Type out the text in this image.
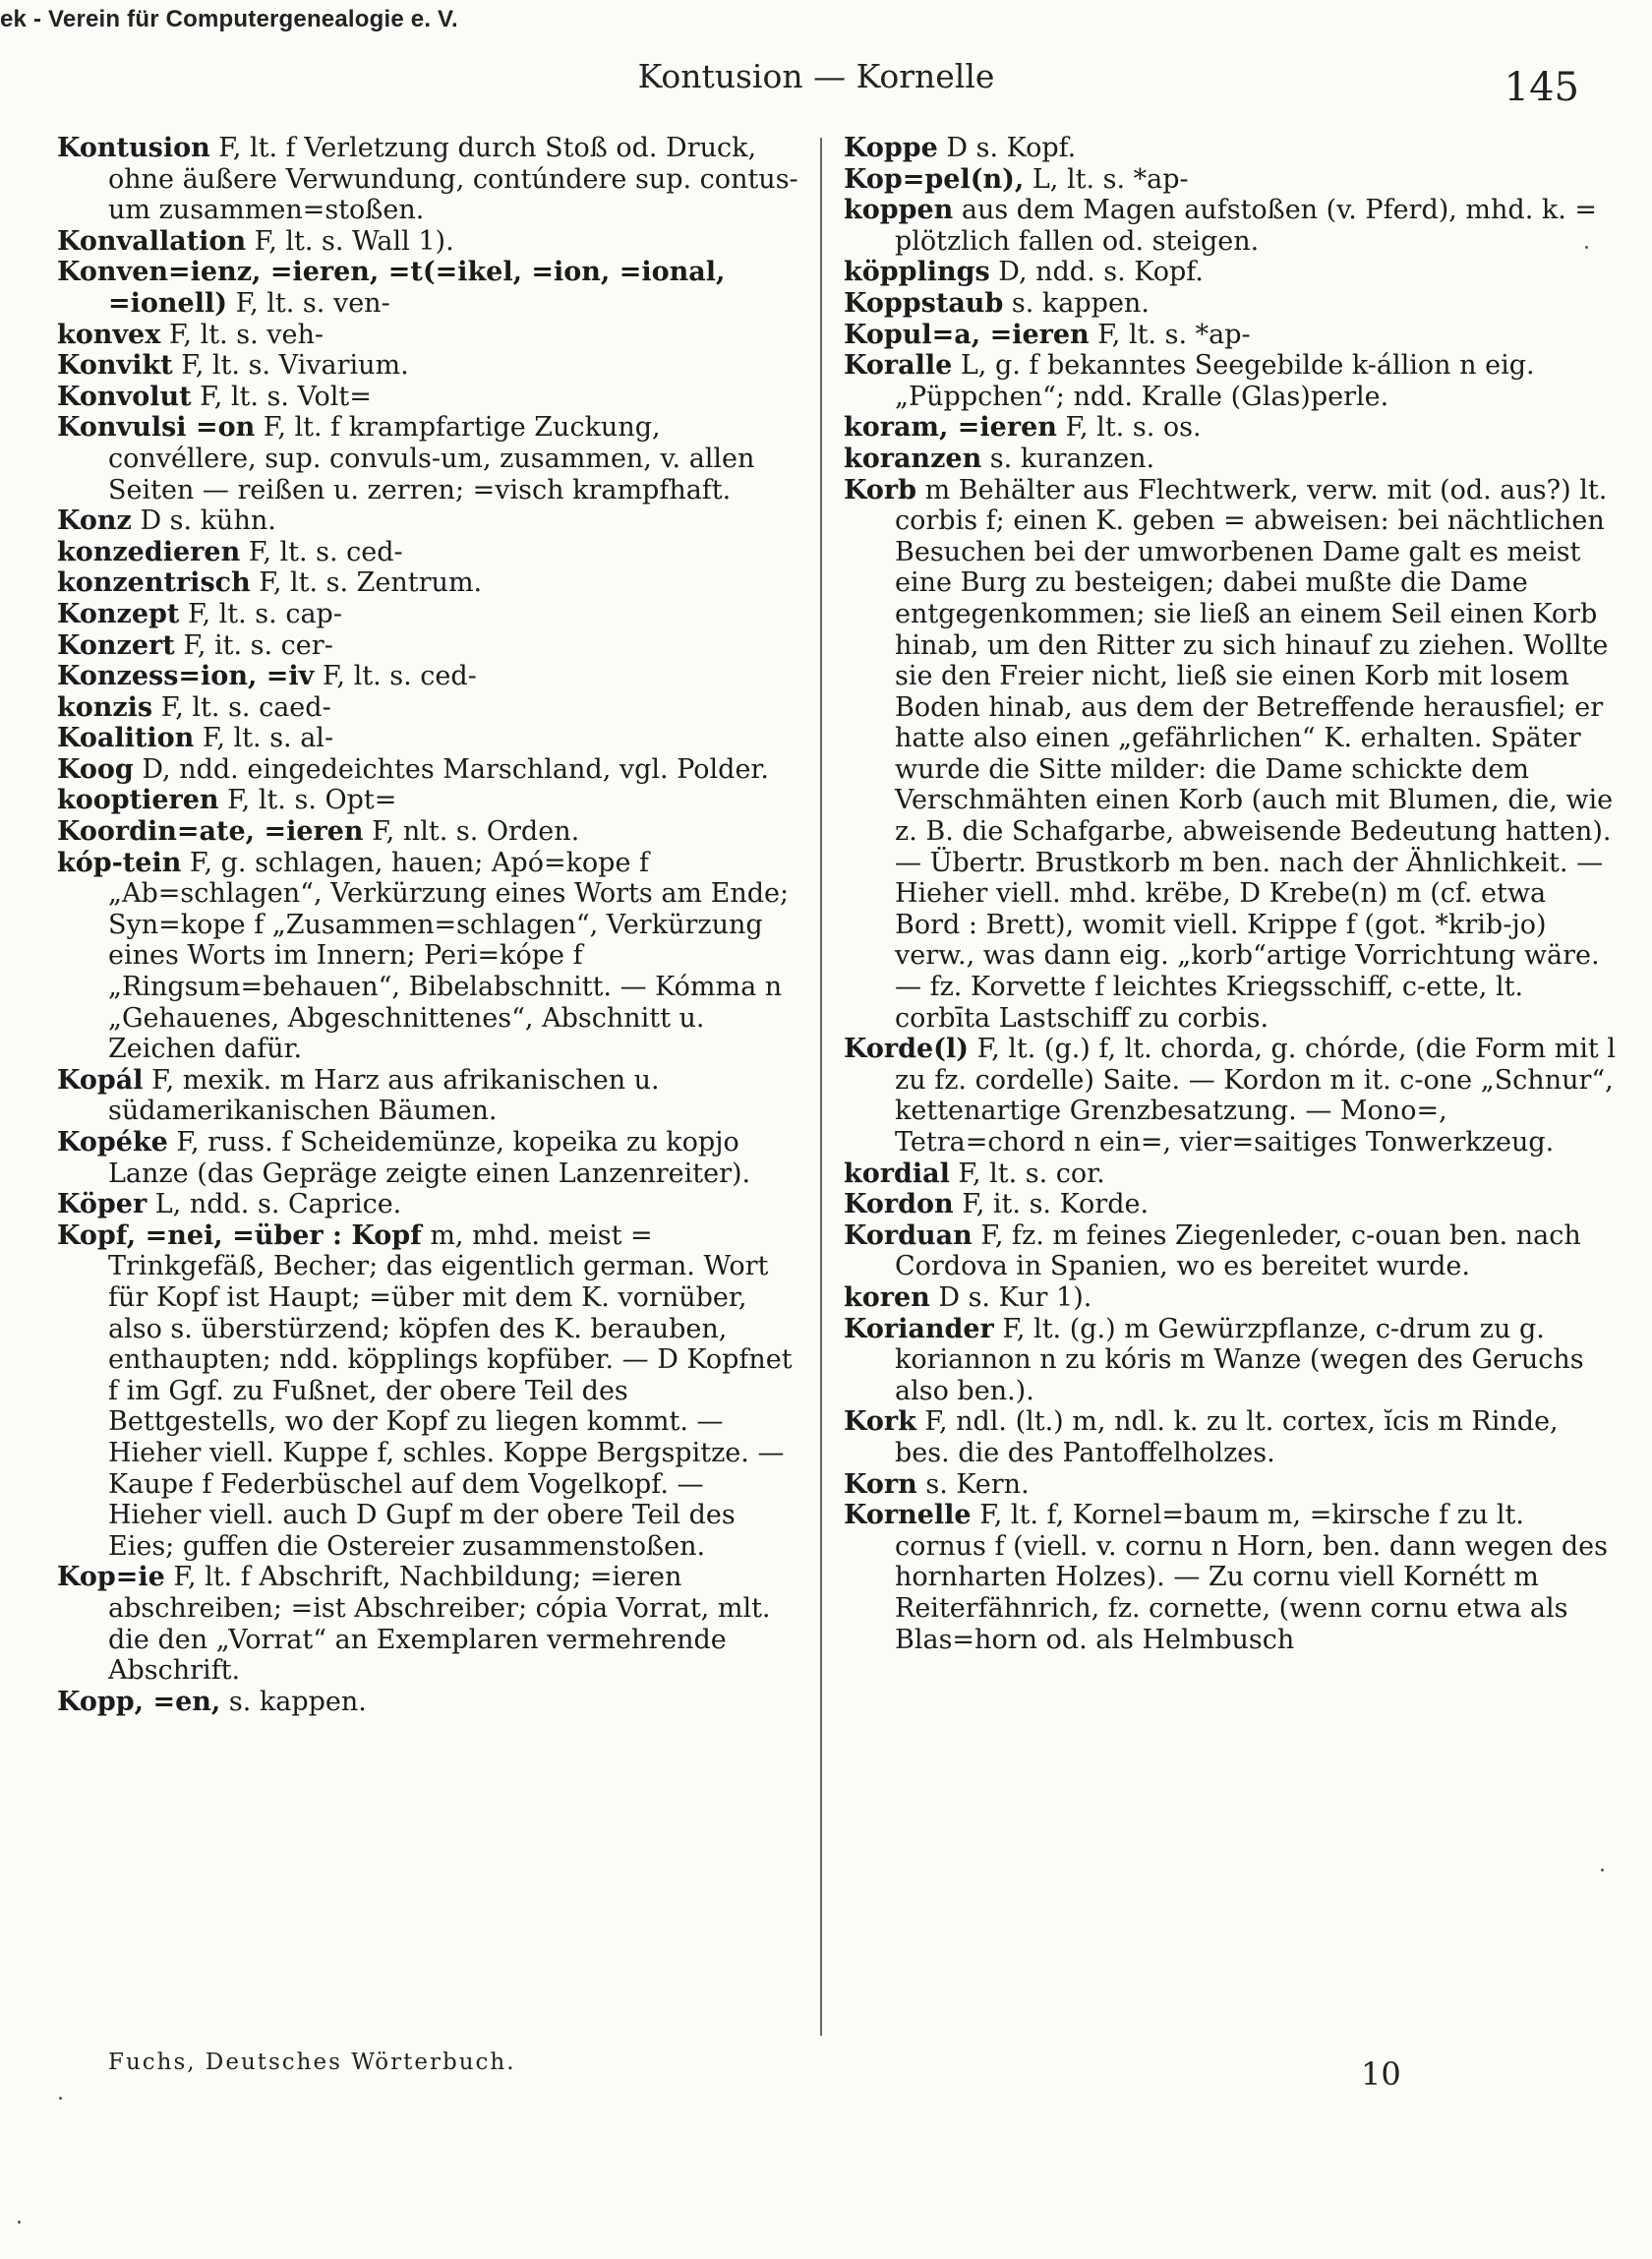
ek - Verein für Computergenealogie e. V.
Kontusion — Kornelle	145

Kontusion F, lt. f Verletzung durch Stoß od. Druck, ohne äußere Verwundung, contúndere sup. contus-um zusammen=stoßen.

Konvallation F, lt. s. Wall 1).

Konven=ienz, =ieren, =t(=ikel, =ion, =ional, =ionell) F, lt. s. ven-

konvex F, lt. s. veh-

Konvikt F, lt. s. Vivarium.

Konvolut F, lt. s. Volt=

Konvulsi =on F, lt. f krampfartige Zuckung, convéllere, sup. convuls-um, zusammen, v. allen Seiten — reißen u. zerren; =visch krampfhaft.

Konz D s. kühn.

konzedieren F, lt. s. ced-

konzentrisch F, lt. s. Zentrum.

Konzept F, lt. s. cap-

Konzert F, it. s. cer-

Konzess=ion, =iv F, lt. s. ced-

konzis F, lt. s. caed-

Koalition F, lt. s. al-

Koog D, ndd. eingedeichtes Marschland, vgl. Polder.

kooptieren F, lt. s. Opt=

Koordin=ate, =ieren F, nlt. s. Orden.

kóp-tein F, g. schlagen, hauen; Apó=kope f „Ab=schlagen“, Verkürzung eines Worts am Ende; Syn=kope f „Zusammen=schlagen“, Verkürzung eines Worts im Innern; Peri=kópe f „Ringsum=behauen“, Bibelabschnitt. — Kómma n „Gehauenes, Abgeschnittenes“, Abschnitt u. Zeichen dafür.

Kopál F, mexik. m Harz aus afrikanischen u. südamerikanischen Bäumen.

Kopéke F, russ. f Scheidemünze, kopeika zu kopjo Lanze (das Gepräge zeigte einen Lanzenreiter).

Köper L, ndd. s. Caprice.

Kopf, =nei, =über : Kopf m, mhd. meist = Trinkgefäß, Becher; das eigentlich german. Wort für Kopf ist Haupt; =über mit dem K. vornüber, also s. überstürzend; köpfen des K. berauben, enthaupten; ndd. köpplings kopfüber. — D Kopfnet f im Ggf. zu Fußnet, der obere Teil des Bettgestells, wo der Kopf zu liegen kommt. — Hieher viell. Kuppe f, schles. Koppe Bergspitze. — Kaupe f Federbüschel auf dem Vogelkopf. — Hieher viell. auch D Gupf m der obere Teil des Eies; guffen die Ostereier zusammenstoßen.

Kop=ie F, lt. f Abschrift, Nachbildung; =ieren abschreiben; =ist Abschreiber; cópia Vorrat, mlt. die den „Vorrat“ an Exemplaren vermehrende Abschrift.

Kopp, =en, s. kappen.

Koppe D s. Kopf.

Kop=pel(n), L, lt. s. *ap-

koppen aus dem Magen aufstoßen (v. Pferd), mhd. k. = plötzlich fallen od. steigen.

köpplings D, ndd. s. Kopf.

Koppstaub s. kappen.

Kopul=a, =ieren F, lt. s. *ap-

Koralle L, g. f bekanntes Seegebilde k-állion n eig. „Püppchen“; ndd. Kralle (Glas)perle.

koram, =ieren F, lt. s. os.

koranzen s. kuranzen.

Korb m Behälter aus Flechtwerk, verw. mit (od. aus?) lt. corbis f; einen K. geben = abweisen: bei nächtlichen Besuchen bei der umworbenen Dame galt es meist eine Burg zu besteigen; dabei mußte die Dame entgegenkommen; sie ließ an einem Seil einen Korb hinab, um den Ritter zu sich hinauf zu ziehen. Wollte sie den Freier nicht, ließ sie einen Korb mit losem Boden hinab, aus dem der Betreffende herausfiel; er hatte also einen „gefährlichen“ K. erhalten. Später wurde die Sitte milder: die Dame schickte dem Verschmähten einen Korb (auch mit Blumen, die, wie z. B. die Schafgarbe, abweisende Bedeutung hatten). — Übertr. Brustkorb m ben. nach der Ähnlichkeit. — Hieher viell. mhd. krëbe, D Krebe(n) m (cf. etwa Bord : Brett), womit viell. Krippe f (got. *krib-jo) verw., was dann eig. „korb“artige Vorrichtung wäre. — fz. Korvette f leichtes Kriegsschiff, c-ette, lt. corbīta Lastschiff zu corbis.

Korde(l) F, lt. (g.) f, lt. chorda, g. chórde, (die Form mit l zu fz. cordelle) Saite. — Kordon m it. c-one „Schnur“, kettenartige Grenzbesatzung. — Mono=, Tetra=chord n ein=, vier=saitiges Tonwerkzeug.

kordial F, lt. s. cor.

Kordon F, it. s. Korde.

Korduan F, fz. m feines Ziegenleder, c-ouan ben. nach Cordova in Spanien, wo es bereitet wurde.

koren D s. Kur 1).

Koriander F, lt. (g.) m Gewürzpflanze, c-drum zu g. koriannon n zu kóris m Wanze (wegen des Geruchs also ben.).

Kork F, ndl. (lt.) m, ndl. k. zu lt. cortex, ĭcis m Rinde, bes. die des Pantoffelholzes.

Korn s. Kern.

Kornelle F, lt. f, Kornel=baum m, =kirsche f zu lt. cornus f (viell. v. cornu n Horn, ben. dann wegen des hornharten Holzes). — Zu cornu viell Kornétt m Reiterfähnrich, fz. cornette, (wenn cornu etwa als Blas=horn od. als Helmbusch

Fuchs, Deutsches Wörterbuch.	10
